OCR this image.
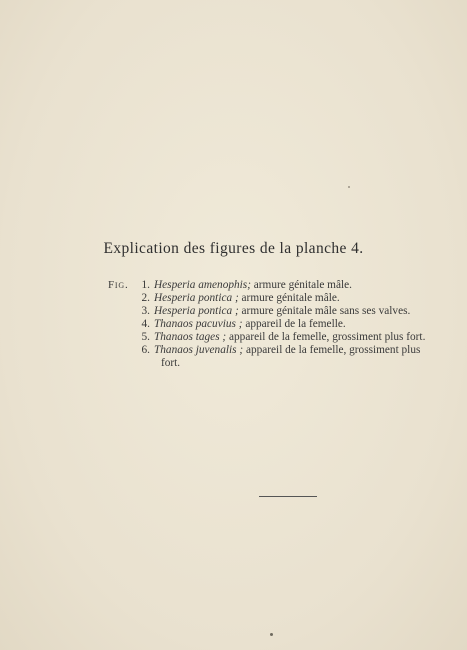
Explication des figures de la planche 4.
Fig.	1. Hesperia amenophis; armure génitale mâle.
2. Hesperia pontica ; armure génitale mâle.
3. Hesperia pontica ; armure génitale mâle sans ses valves.
4. Thanaos pacuvius ; appareil de la femelle.
5. Thanaos tages ; appareil de la femelle, grossiment plus fort.
6. Thanaos juvenalis ; appareil de la femelle, grossiment plus
fort.
